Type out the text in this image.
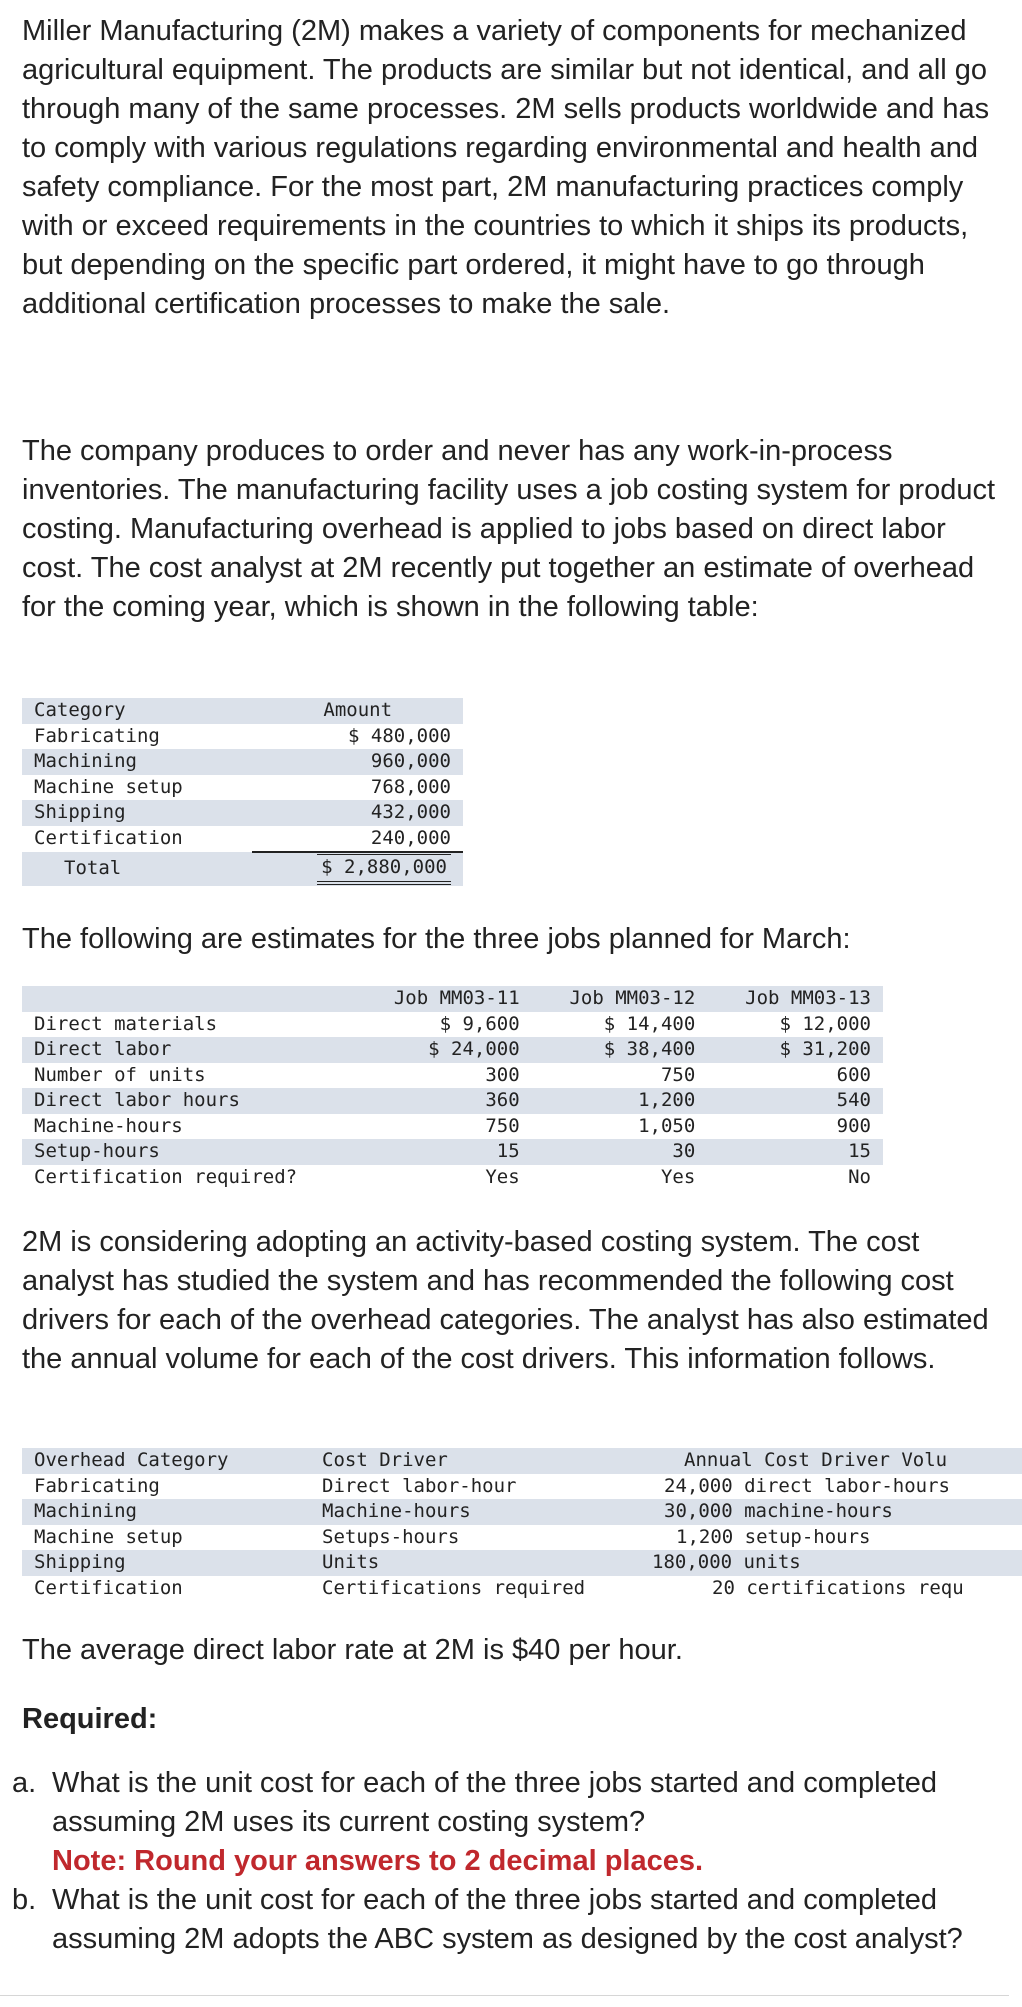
Miller Manufacturing (2M) makes a variety of components for mechanized agricultural equipment. The products are similar but not identical, and all go through many of the same processes. 2M sells products worldwide and has to comply with various regulations regarding environmental and health and safety compliance. For the most part, 2M manufacturing practices comply with or exceed requirements in the countries to which it ships its products, but depending on the specific part ordered, it might have to go through additional certification processes to make the sale.

The company produces to order and never has any work-in-process inventories. The manufacturing facility uses a job costing system for product costing. Manufacturing overhead is applied to jobs based on direct labor cost. The cost analyst at 2M recently put together an estimate of overhead for the coming year, which is shown in the following table:

Category	Amount
Fabricating	$ 480,000
Machining	960,000
Machine setup	768,000
Shipping	432,000
Certification	240,000
Total	$ 2,880,000

The following are estimates for the three jobs planned for March:

	Job MM03-11	Job MM03-12	Job MM03-13
Direct materials	$ 9,600	$ 14,400	$ 12,000
Direct labor	$ 24,000	$ 38,400	$ 31,200
Number of units	300	750	600
Direct labor hours	360	1,200	540
Machine-hours	750	1,050	900
Setup-hours	15	30	15
Certification required?	Yes	Yes	No

2M is considering adopting an activity-based costing system. The cost analyst has studied the system and has recommended the following cost drivers for each of the overhead categories. The analyst has also estimated the annual volume for each of the cost drivers. This information follows.

Overhead Category	Cost Driver	Annual Cost Driver Volu
Fabricating	Direct labor-hour	24,000 direct labor-hours
Machining	Machine-hours	30,000 machine-hours
Machine setup	Setups-hours	1,200 setup-hours
Shipping	Units	180,000 units
Certification	Certifications required	20 certifications requ

The average direct labor rate at 2M is $40 per hour.

Required:

a. What is the unit cost for each of the three jobs started and completed assuming 2M uses its current costing system?
Note: Round your answers to 2 decimal places.
b. What is the unit cost for each of the three jobs started and completed assuming 2M adopts the ABC system as designed by the cost analyst?
